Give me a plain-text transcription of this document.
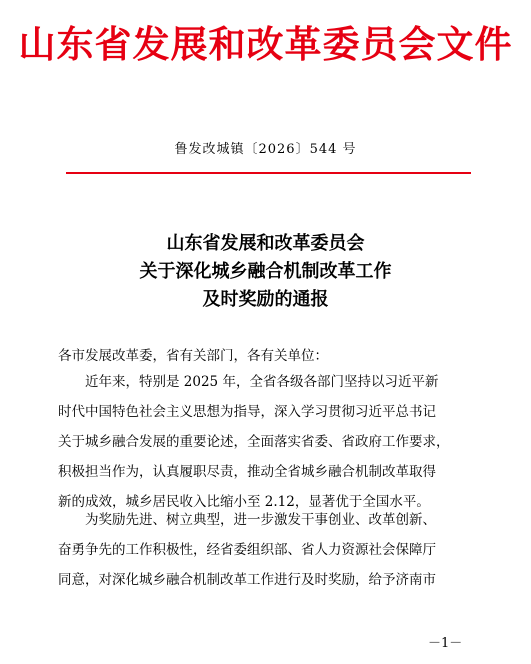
山东省发展和改革委员会文件
鲁发改城镇〔2026〕544 号
山东省发展和改革委员会
关于深化城乡融合机制改革工作
及时奖励的通报
各市发展改革委，省有关部门，各有关单位：
近年来，特别是 2025 年，全省各级各部门坚持以习近平新
时代中国特色社会主义思想为指导，深入学习贯彻习近平总书记
关于城乡融合发展的重要论述，全面落实省委、省政府工作要求，
积极担当作为，认真履职尽责，推动全省城乡融合机制改革取得
新的成效，城乡居民收入比缩小至 2.12，显著优于全国水平。
为奖励先进、树立典型，进一步激发干事创业、改革创新、
奋勇争先的工作积极性，经省委组织部、省人力资源社会保障厅
同意，对深化城乡融合机制改革工作进行及时奖励，给予济南市
－1－
